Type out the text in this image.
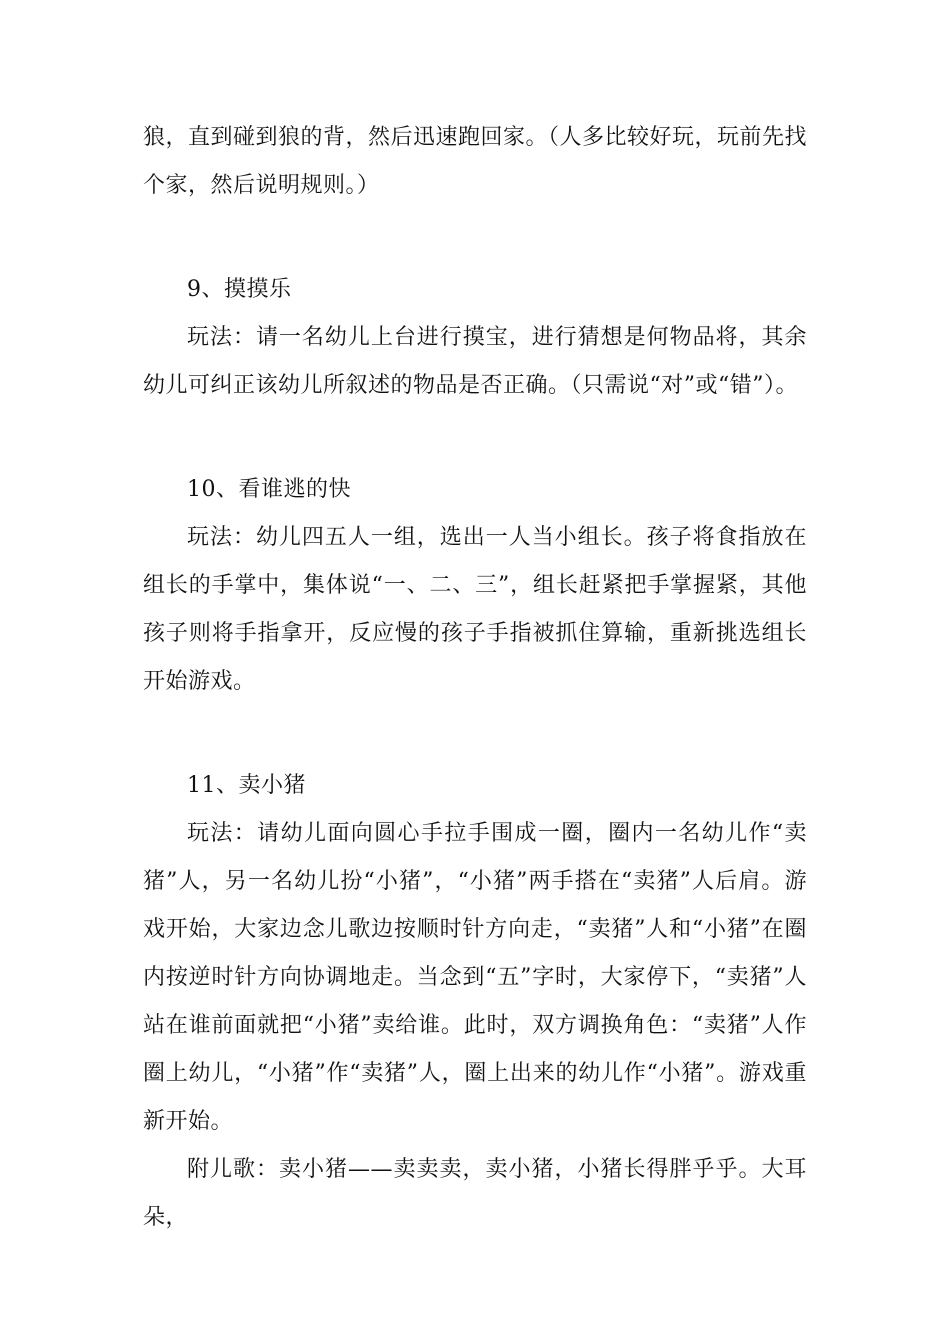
狼，直到碰到狼的背，然后迅速跑回家。（人多比较好玩，玩前先找个家，然后说明规则。）

9、摸摸乐

玩法：请一名幼儿上台进行摸宝，进行猜想是何物品将，其余幼儿可纠正该幼儿所叙述的物品是否正确。（只需说“对”或“错”）。

10、看谁逃的快

玩法：幼儿四五人一组，选出一人当小组长。孩子将食指放在组长的手掌中，集体说“一、二、三”，组长赶紧把手掌握紧，其他孩子则将手指拿开，反应慢的孩子手指被抓住算输，重新挑选组长开始游戏。

11、卖小猪

玩法：请幼儿面向圆心手拉手围成一圈，圈内一名幼儿作“卖猪”人，另一名幼儿扮“小猪”，“小猪”两手搭在“卖猪”人后肩。游戏开始，大家边念儿歌边按顺时针方向走，“卖猪”人和“小猪”在圈内按逆时针方向协调地走。当念到“五”字时，大家停下，“卖猪”人站在谁前面就把“小猪”卖给谁。此时，双方调换角色：“卖猪”人作圈上幼儿，“小猪”作“卖猪”人，圈上出来的幼儿作“小猪”。游戏重新开始。

附儿歌：卖小猪——卖卖卖，卖小猪，小猪长得胖乎乎。大耳朵，
